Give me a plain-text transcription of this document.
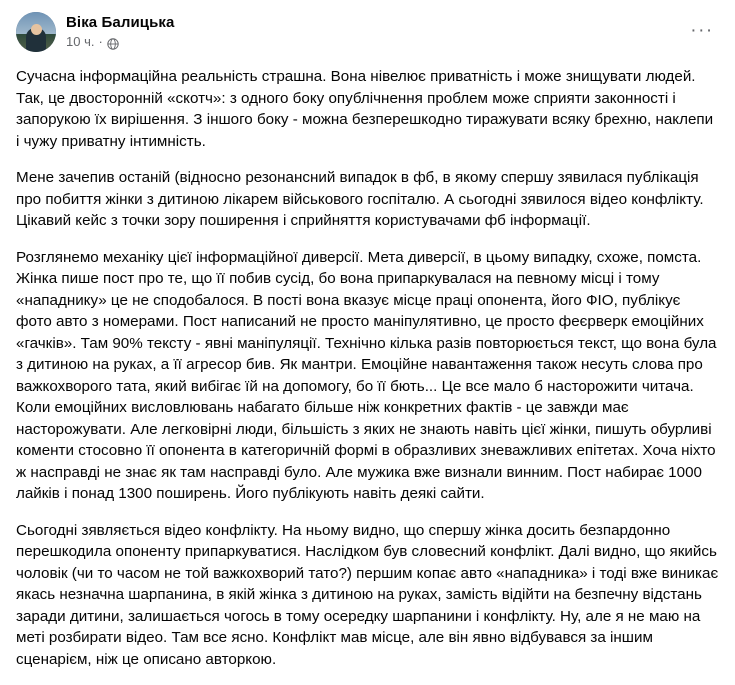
Віка Балицька
10 ч. ·
···

Сучасна інформаційна реальність страшна. Вона нівелює приватність і може знищувати людей. Так, це двосторонній «скотч»: з одного боку опублічнення проблем може сприяти законності і запорукою їх вирішення. З іншого боку - можна безперешкодно тиражувати всяку брехню, наклепи і чужу приватну інтимність.

Мене зачепив останій (відносно резонансний випадок в фб, в якому спершу зявилася публікація про побиття жінки з дитиною лікарем військового госпіталю. А сьогодні зявилося відео конфлікту. Цікавий кейс з точки зору поширення і сприйняття користувачами фб інформації.

Розглянемо механіку цієї інформаційної диверсії. Мета диверсії, в цьому випадку, схоже, помста. Жінка пише пост про те, що її побив сусід, бо вона припаркувалася на певному місці і тому «нападнику» це не сподобалося. В пості вона вказує місце праці опонента, його ФІО, публікує фото авто з номерами. Пост написаний не просто маніпулятивно, це просто феєрверк емоційних «гачків». Там 90% тексту - явні маніпуляції. Технічно кілька разів повторюється текст, що вона була з дитиною на руках, а її агресор бив. Як мантри. Емоційне навантаження також несуть слова про важкохворого тата, який вибігає їй на допомогу, бо її бють... Це все мало б насторожити читача. Коли емоційних висловлювань набагато більше ніж конкретних фактів - це завжди має насторожувати. Але легковірні люди, більшість з яких не знають навіть цієї жінки, пишуть обурливі коменти стосовно її опонента в категоричній формі в образливих зневажливих епітетах. Хоча ніхто ж насправді не знає як там насправді було. Але мужика вже визнали винним. Пост набирає 1000 лайків і понад 1300 поширень. Його публікують навіть деякі сайти.

Сьогодні зявляється відео конфлікту. На ньому видно, що спершу жінка досить безпардонно перешкодила опоненту припаркуватися. Наслідком був словесний конфлікт. Далі видно, що якийсь чоловік (чи то часом не той важкохворий тато?) першим копає авто «нападника» і тоді вже виникає якась незначна шарпанина, в якій жінка з дитиною на руках, замість відійти на безпечну відстань заради дитини, залишається чогось в тому осередку шарпанини і конфлікту. Ну, але я не маю на меті розбирати відео. Там все ясно. Конфлікт мав місце, але він явно відбувався за іншим сценарієм, ніж це описано авторкою.
